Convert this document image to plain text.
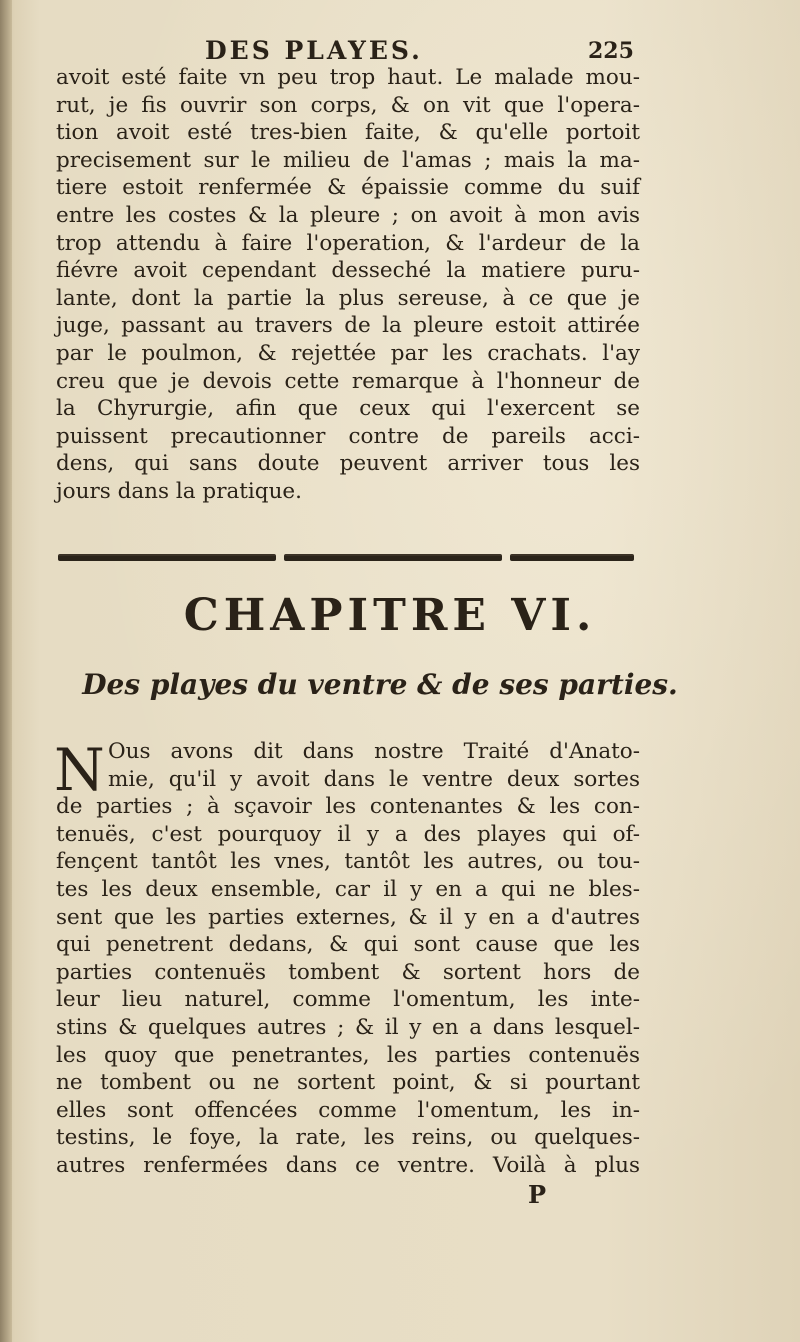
DES PLAYES.	225
avoit esté faite vn peu trop haut. Le malade mou-
rut, je fis ouvrir son corps, & on vit que l'opera-
tion avoit esté tres-bien faite, & qu'elle portoit
precisement sur le milieu de l'amas ; mais la ma-
tiere estoit renfermée & épaissie comme du suif
entre les costes & la pleure ; on avoit à mon avis
trop attendu à faire l'operation, & l'ardeur de la
fiévre avoit cependant desseché la matiere puru-
lante, dont la partie la plus sereuse, à ce que je
juge, passant au travers de la pleure estoit attirée
par le poulmon, & rejettée par les crachats. l'ay
creu que je devois cette remarque à l'honneur de
la Chyrurgie, afin que ceux qui l'exercent se
puissent precautionner contre de pareils acci-
dens, qui sans doute peuvent arriver tous les
jours dans la pratique.
CHAPITRE VI.
Des playes du ventre & de ses parties.
N Ous avons dit dans nostre Traité d'Anato-
mie, qu'il y avoit dans le ventre deux sortes
de parties ; à sçavoir les contenantes & les con-
tenuës, c'est pourquoy il y a des playes qui of-
fençent tantôt les vnes, tantôt les autres, ou tou-
tes les deux ensemble, car il y en a qui ne bles-
sent que les parties externes, & il y en a d'autres
qui penetrent dedans, & qui sont cause que les
parties contenuës tombent & sortent hors de
leur lieu naturel, comme l'omentum, les inte-
stins & quelques autres ; & il y en a dans lesquel-
les quoy que penetrantes, les parties contenuës
ne tombent ou ne sortent point, & si pourtant
elles sont offencées comme l'omentum, les in-
testins, le foye, la rate, les reins, ou quelques-
autres renfermées dans ce ventre. Voilà à plus
P
